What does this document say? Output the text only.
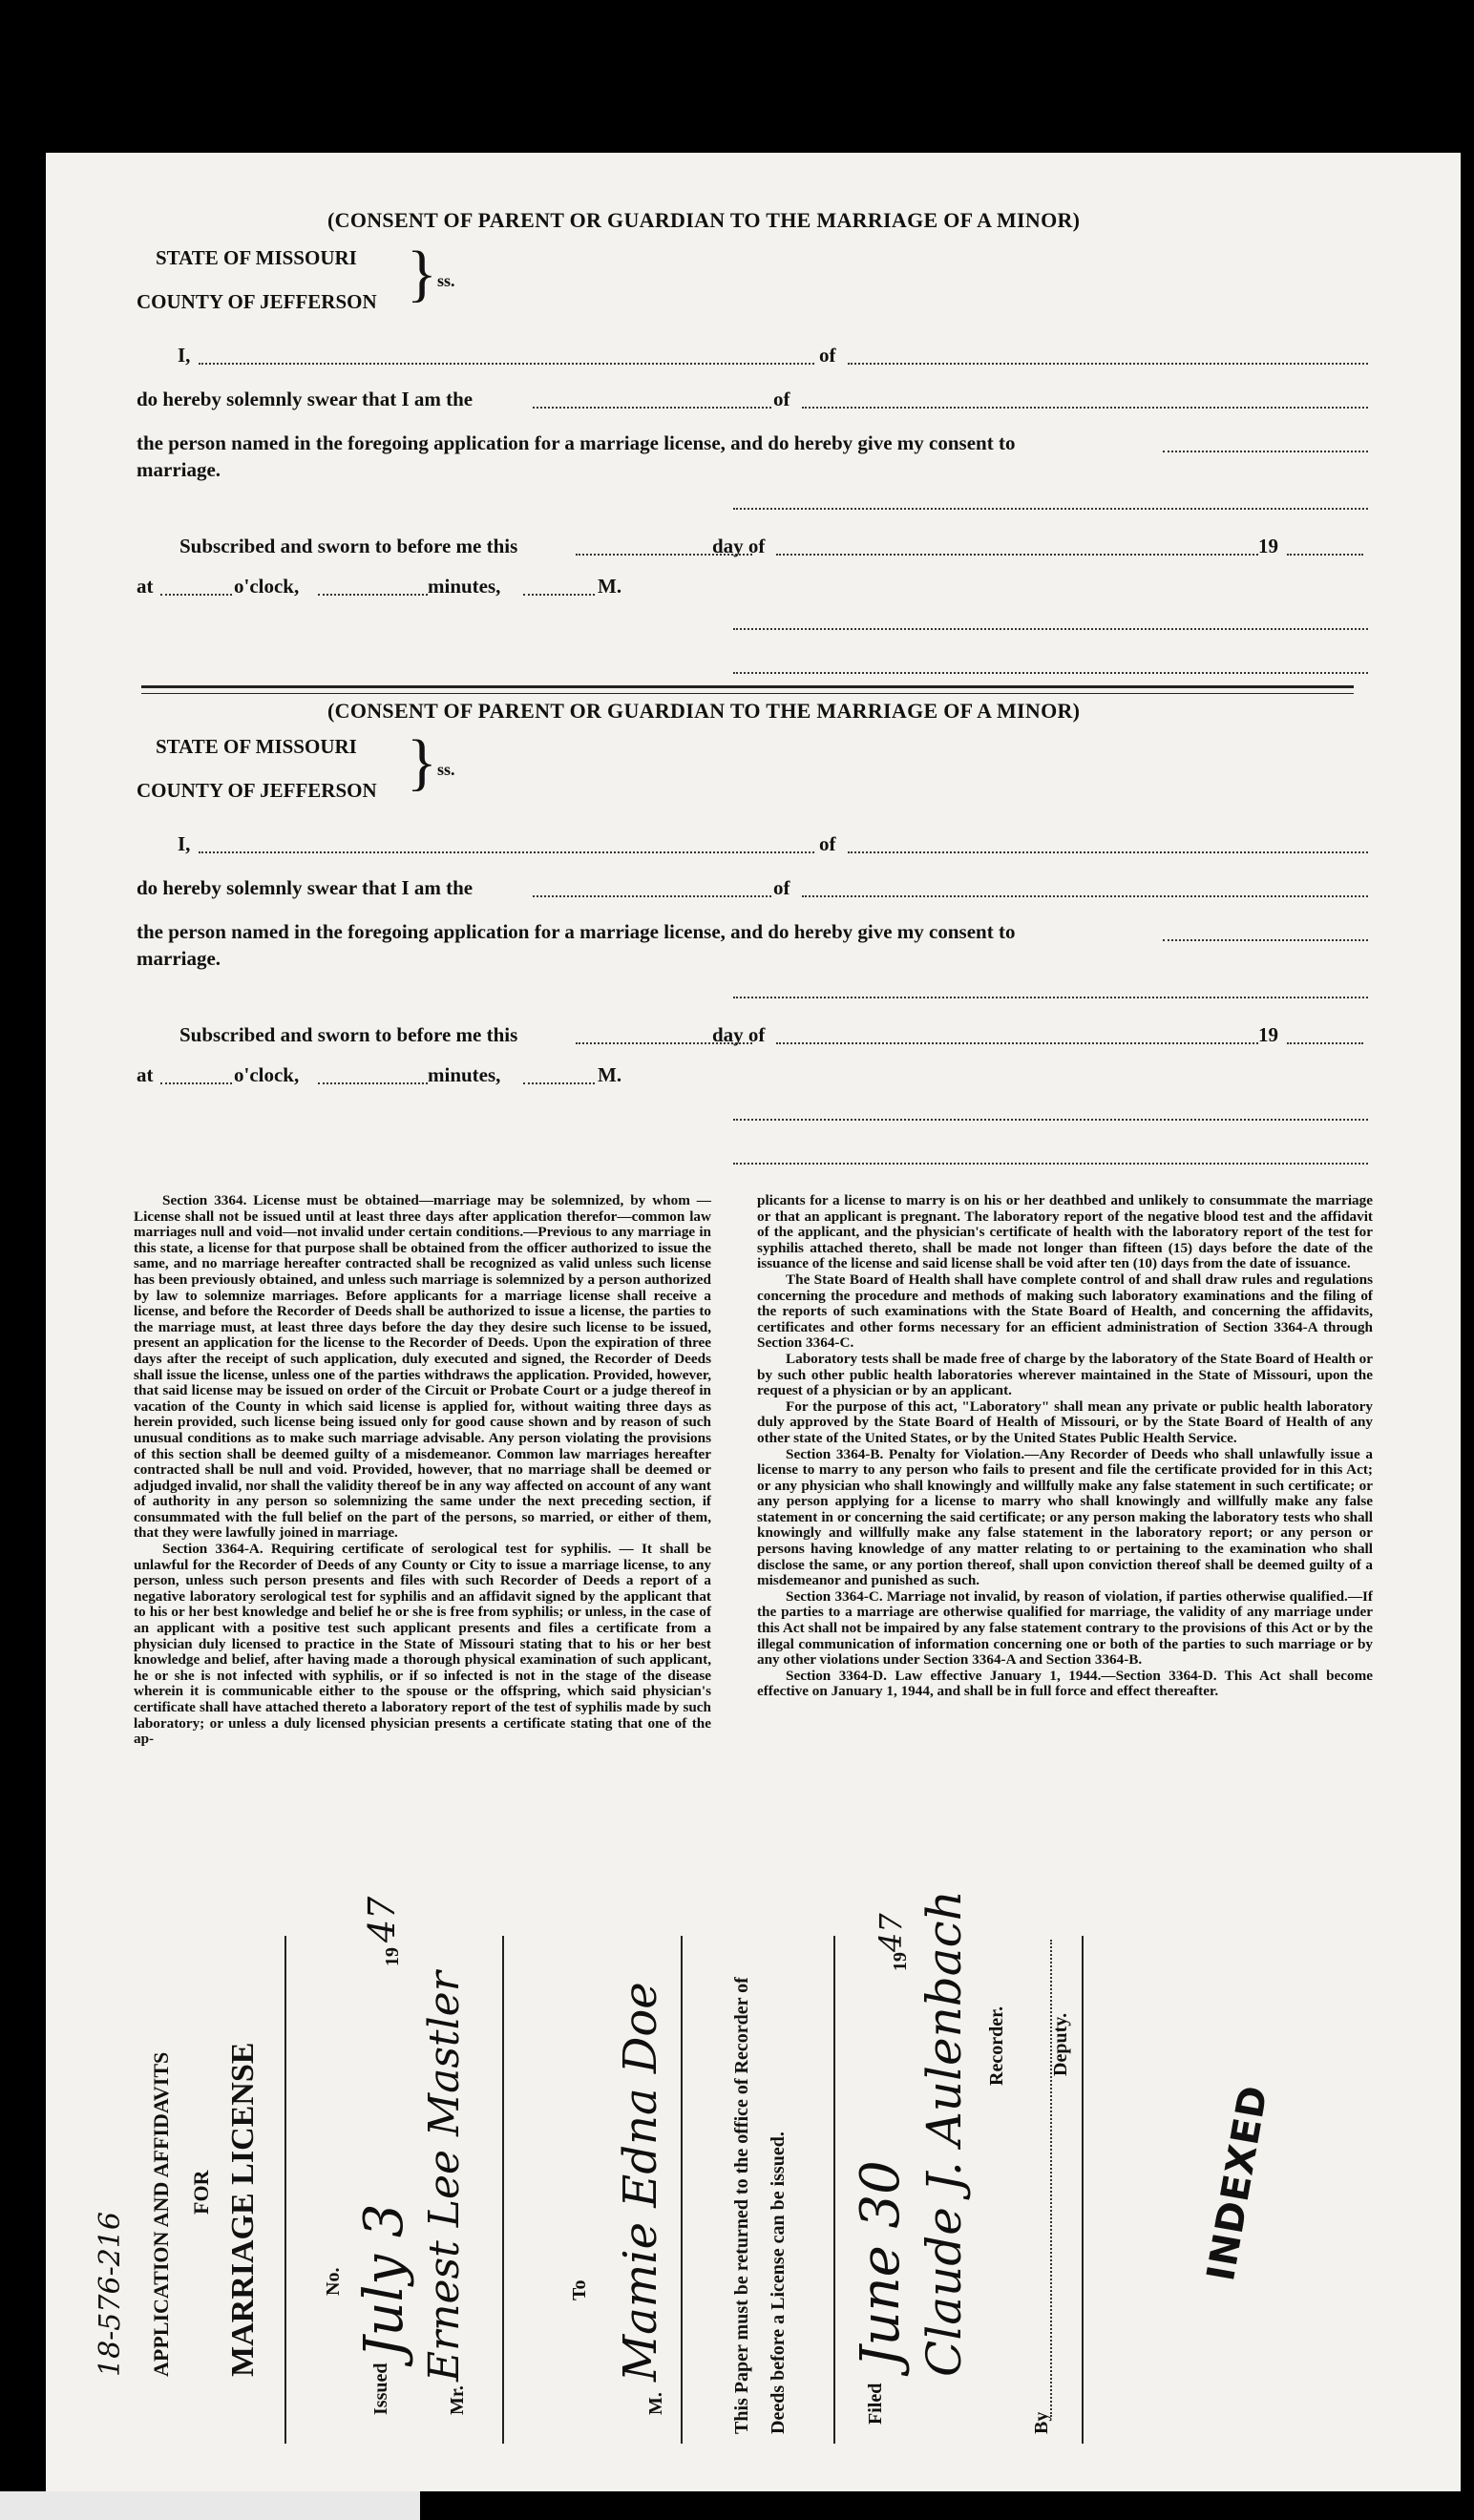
(CONSENT OF PARENT OR GUARDIAN TO THE MARRIAGE OF A MINOR)
STATE OF MISSOURI
COUNTY OF JEFFERSON } ss.
I,	of
do hereby solemnly swear that I am the	of
the person named in the foregoing application for a marriage license, and do hereby give my consent to
marriage.
Subscribed and sworn to before me this	day of	19
at	o'clock,	minutes,	M.
(CONSENT OF PARENT OR GUARDIAN TO THE MARRIAGE OF A MINOR)
STATE OF MISSOURI
COUNTY OF JEFFERSON } ss.
I,	of
do hereby solemnly swear that I am the	of
the person named in the foregoing application for a marriage license, and do hereby give my consent to
marriage.
Subscribed and sworn to before me this	day of	19
at	o'clock,	minutes,	M.

Section 3364. License must be obtained—marriage may be solemnized, by whom — License shall not be issued until at least three days after application therefor—common law marriages null and void—not invalid under certain conditions.—Previous to any marriage in this state, a license for that purpose shall be obtained from the officer authorized to issue the same, and no marriage hereafter contracted shall be recognized as valid unless such license has been previously obtained, and unless such marriage is solemnized by a person authorized by law to solemnize marriages. Before applicants for a marriage license shall receive a license, and before the Recorder of Deeds shall be authorized to issue a license, the parties to the marriage must, at least three days before the day they desire such license to be issued, present an application for the license to the Recorder of Deeds. Upon the expiration of three days after the receipt of such application, duly executed and signed, the Recorder of Deeds shall issue the license, unless one of the parties withdraws the application. Provided, however, that said license may be issued on order of the Circuit or Probate Court or a judge thereof in vacation of the County in which said license is applied for, without waiting three days as herein provided, such license being issued only for good cause shown and by reason of such unusual conditions as to make such marriage advisable. Any person violating the provisions of this section shall be deemed guilty of a misdemeanor. Common law marriages hereafter contracted shall be null and void. Provided, however, that no marriage shall be deemed or adjudged invalid, nor shall the validity thereof be in any way affected on account of any want of authority in any person so solemnizing the same under the next preceding section, if consummated with the full belief on the part of the persons, so married, or either of them, that they were lawfully joined in marriage.

Section 3364-A. Requiring certificate of serological test for syphilis. — It shall be unlawful for the Recorder of Deeds of any County or City to issue a marriage license, to any person, unless such person presents and files with such Recorder of Deeds a report of a negative laboratory serological test for syphilis and an affidavit signed by the applicant that to his or her best knowledge and belief he or she is free from syphilis; or unless, in the case of an applicant with a positive test such applicant presents and files a certificate from a physician duly licensed to practice in the State of Missouri stating that to his or her best knowledge and belief, after having made a thorough physical examination of such applicant, he or she is not infected with syphilis, or if so infected is not in the stage of the disease wherein it is communicable either to the spouse or the offspring, which said physician's certificate shall have attached thereto a laboratory report of the test of syphilis made by such laboratory; or unless a duly licensed physician presents a certificate stating that one of the ap-

plicants for a license to marry is on his or her deathbed and unlikely to consummate the marriage or that an applicant is pregnant. The laboratory report of the negative blood test and the affidavit of the applicant, and the physician's certificate of health with the laboratory report of the test for syphilis attached thereto, shall be made not longer than fifteen (15) days before the date of the issuance of the license and said license shall be void after ten (10) days from the date of issuance.

The State Board of Health shall have complete control of and shall draw rules and regulations concerning the procedure and methods of making such laboratory examinations and the filing of the reports of such examinations with the State Board of Health, and concerning the affidavits, certificates and other forms necessary for an efficient administration of Section 3364-A through Section 3364-C.

Laboratory tests shall be made free of charge by the laboratory of the State Board of Health or by such other public health laboratories wherever maintained in the State of Missouri, upon the request of a physician or by an applicant.

For the purpose of this act, "Laboratory" shall mean any private or public health laboratory duly approved by the State Board of Health of Missouri, or by the State Board of Health of any other state of the United States, or by the United States Public Health Service.

Section 3364-B. Penalty for Violation.—Any Recorder of Deeds who shall unlawfully issue a license to marry to any person who fails to present and file the certificate provided for in this Act; or any physician who shall knowingly and willfully make any false statement in such certificate; or any person applying for a license to marry who shall knowingly and willfully make any false statement in or concerning the said certificate; or any person making the laboratory tests who shall knowingly and willfully make any false statement in the laboratory report; or any person or persons having knowledge of any matter relating to or pertaining to the examination who shall disclose the same, or any portion thereof, shall upon conviction thereof shall be deemed guilty of a misdemeanor and punished as such.

Section 3364-C. Marriage not invalid, by reason of violation, if parties otherwise qualified.—If the parties to a marriage are otherwise qualified for marriage, the validity of any marriage under this Act shall not be impaired by any false statement contrary to the provisions of this Act or by the illegal communication of information concerning one or both of the parties to such marriage or by any other violations under Section 3364-A and Section 3364-B.

Section 3364-D. Law effective January 1, 1944.—Section 3364-D. This Act shall become effective on January 1, 1944, and shall be in full force and effect thereafter.

18-576-216 APPLICATION AND AFFIDAVITS FOR MARRIAGE LICENSE	No.
Issued
July 3
19
47
Mr.
Ernest Lee Mastler	To
M.
Mamie Edna Doe	This Paper must be returned to the office of Recorder of Deeds before a License can be issued.	Filed
June 30
19
47 Claude J. Aulenbach Recorder.
By
Deputy.
INDEXED
